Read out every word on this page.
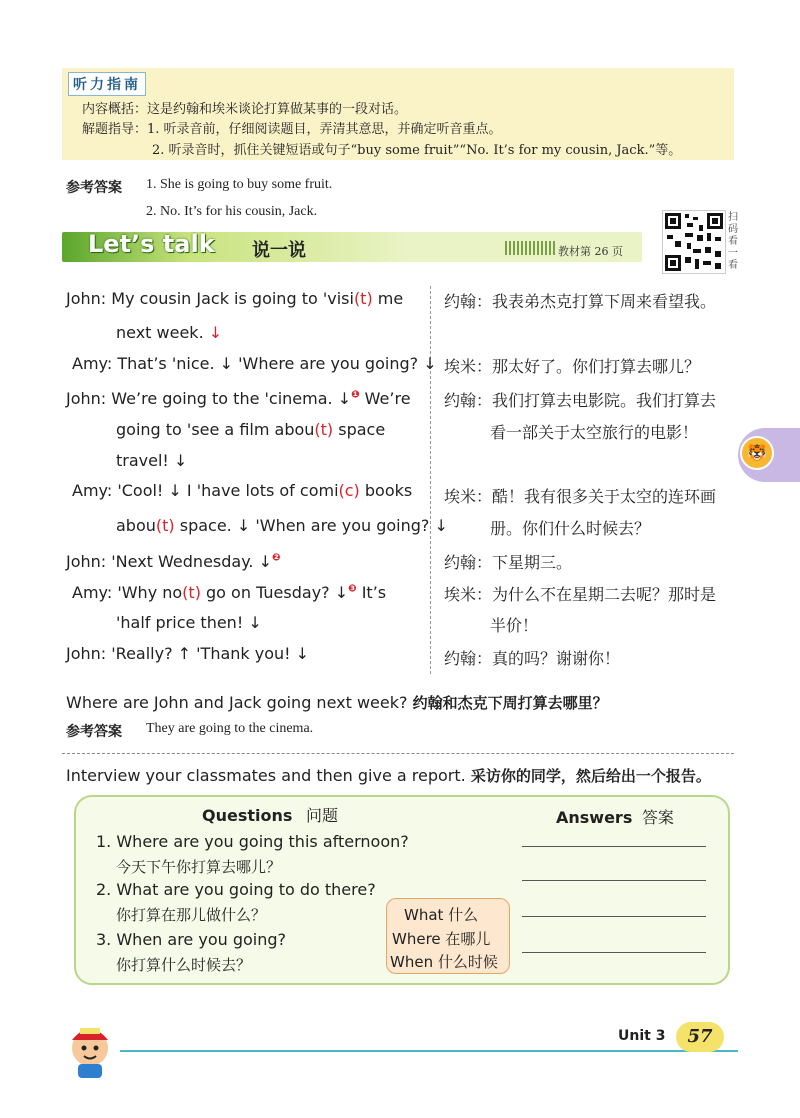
听力指南
内容概括：这是约翰和埃米谈论打算做某事的一段对话。
解题指导：1. 听录音前，仔细阅读题目，弄清其意思，并确定听音重点。
2. 听录音时，抓住关键短语或句子“buy some fruit”“No. It’s for my cousin, Jack.”等。
参考答案 1. She is going to buy some fruit.
2. No. It’s for his cousin, Jack.
Let’s talk 说一说	教材第 26 页
扫码看一看
John: My cousin Jack is going to 'visi(t) me
next week. ↓
Amy: That’s 'nice. ↓ 'Where are you going? ↓
John: We’re going to the 'cinema. ↓$^❶$ We’re
going to 'see a film abou(t) space
travel! ↓
Amy: 'Cool! ↓ I 'have lots of comi(c) books
abou(t) space. ↓ 'When are you going? ↓
John: 'Next Wednesday. ↓$^❷$
Amy: 'Why no(t) go on Tuesday? ↓$^❸$ It’s
'half price then! ↓
John: 'Really? ↑ 'Thank you! ↓
约翰：我表弟杰克打算下周来看望我。
埃米：那太好了。你们打算去哪儿？
约翰：我们打算去电影院。我们打算去
看一部关于太空旅行的电影！
埃米：酷！我有很多关于太空的连环画
册。你们什么时候去？
约翰：下星期三。
埃米：为什么不在星期二去呢？那时是
半价！
约翰：真的吗？谢谢你！
Where are John and Jack going next week? 约翰和杰克下周打算去哪里？
参考答案 They are going to the cinema.
Interview your classmates and then give a report. 采访你的同学，然后给出一个报告。
Questions 问题	Answers 答案
1. Where are you going this afternoon?
今天下午你打算去哪儿？
2. What are you going to do there?
你打算在那儿做什么？
3. When are you going?
你打算什么时候去？
What 什么
Where 在哪儿
When 什么时候
🐯
Unit 3	57
